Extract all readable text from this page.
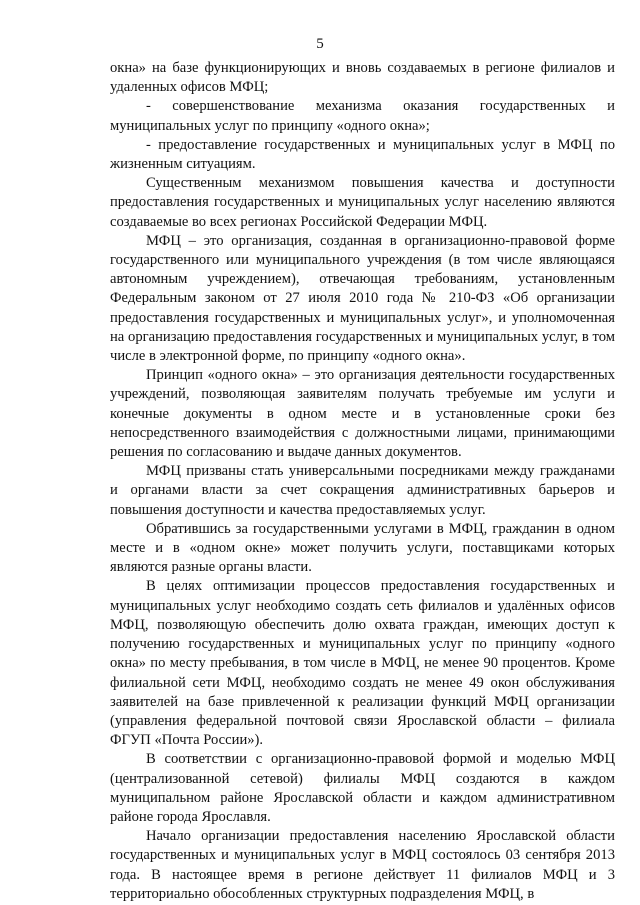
5

окна» на базе функционирующих и вновь создаваемых в регионе филиалов и удаленных офисов МФЦ;

- совершенствование механизма оказания государственных и муниципальных услуг по принципу «одного окна»;

- предоставление государственных и муниципальных услуг в МФЦ по жизненным ситуациям.

Существенным механизмом повышения качества и доступности предоставления государственных и муниципальных услуг населению являются создаваемые во всех регионах Российской Федерации МФЦ.

МФЦ – это организация, созданная в организационно-правовой форме государственного или муниципального учреждения (в том числе являющаяся автономным учреждением), отвечающая требованиям, установленным Федеральным законом от 27 июля 2010 года № 210-ФЗ «Об организации предоставления государственных и муниципальных услуг», и уполномоченная на организацию предоставления государственных и муниципальных услуг, в том числе в электронной форме, по принципу «одного окна».

Принцип «одного окна» – это организация деятельности государственных учреждений, позволяющая заявителям получать требуемые им услуги и конечные документы в одном месте и в установленные сроки без непосредственного взаимодействия с должностными лицами, принимающими решения по согласованию и выдаче данных документов.

МФЦ призваны стать универсальными посредниками между гражданами и органами власти за счет сокращения административных барьеров и повышения доступности и качества предоставляемых услуг.

Обратившись за государственными услугами в МФЦ, гражданин в одном месте и в «одном окне» может получить услуги, поставщиками которых являются разные органы власти.

В целях оптимизации процессов предоставления государственных и муниципальных услуг необходимо создать сеть филиалов и удалённых офисов МФЦ, позволяющую обеспечить долю охвата граждан, имеющих доступ к получению государственных и муниципальных услуг по принципу «одного окна» по месту пребывания, в том числе в МФЦ, не менее 90 процентов. Кроме филиальной сети МФЦ, необходимо создать не менее 49 окон обслуживания заявителей на базе привлеченной к реализации функций МФЦ организации (управления федеральной почтовой связи Ярославской области – филиала ФГУП «Почта России»).

В соответствии с организационно-правовой формой и моделью МФЦ (централизованной сетевой) филиалы МФЦ создаются в каждом муниципальном районе Ярославской области и каждом административном районе города Ярославля.

Начало организации предоставления населению Ярославской области государственных и муниципальных услуг в МФЦ состоялось 03 сентября 2013 года. В настоящее время в регионе действует 11 филиалов МФЦ и 3 территориально обособленных структурных подразделения МФЦ, в
